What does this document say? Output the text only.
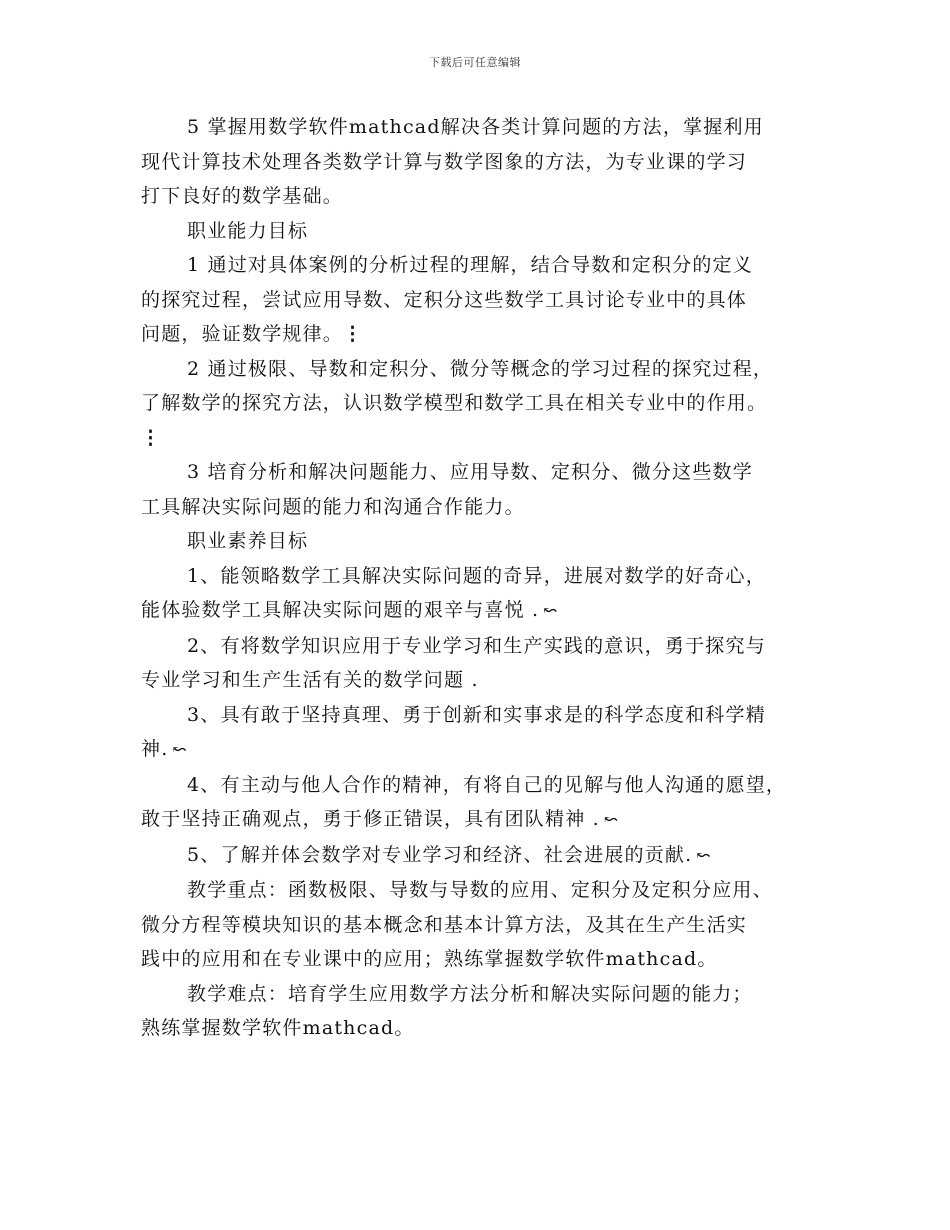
下载后可任意编辑

5 掌握用数学软件mathcad解决各类计算问题的方法，掌握利用

现代计算技术处理各类数学计算与数学图象的方法，为专业课的学习

打下良好的数学基础。

职业能力目标

1 通过对具体案例的分析过程的理解，结合导数和定积分的定义

的探究过程，尝试应用导数、定积分这些数学工具讨论专业中的具体

问题，验证数学规律。⋮

2 通过极限、导数和定积分、微分等概念的学习过程的探究过程，

了解数学的探究方法，认识数学模型和数学工具在相关专业中的作用。

⋮

3 培育分析和解决问题能力、应用导数、定积分、微分这些数学

工具解决实际问题的能力和沟通合作能力。

职业素养目标

1、能领略数学工具解决实际问题的奇异，进展对数学的好奇心，

能体验数学工具解决实际问题的艰辛与喜悦 . ↜

2、有将数学知识应用于专业学习和生产实践的意识，勇于探究与

专业学习和生产生活有关的数学问题 .

3、具有敢于坚持真理、勇于创新和实事求是的科学态度和科学精

神. ↜

4、有主动与他人合作的精神，有将自己的见解与他人沟通的愿望，

敢于坚持正确观点，勇于修正错误，具有团队精神 . ↜

5、了解并体会数学对专业学习和经济、社会进展的贡献. ↜

教学重点：函数极限、导数与导数的应用、定积分及定积分应用、

微分方程等模块知识的基本概念和基本计算方法，及其在生产生活实

践中的应用和在专业课中的应用；熟练掌握数学软件mathcad。

教学难点：培育学生应用数学方法分析和解决实际问题的能力；

熟练掌握数学软件mathcad。
